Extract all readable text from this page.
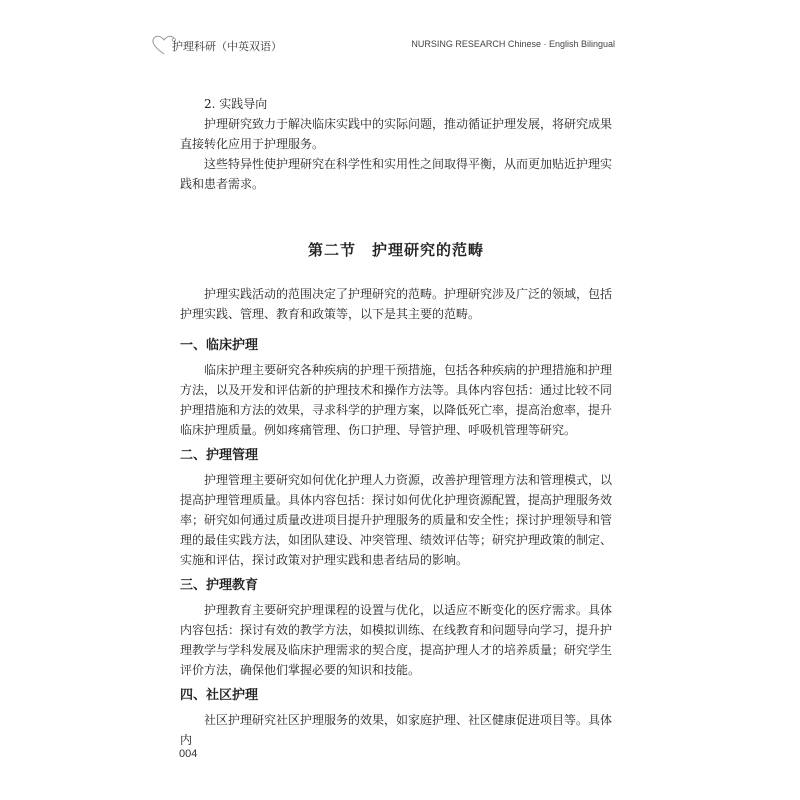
护理科研（中英双语）	NURSING RESEARCH Chinese · English Bilingual
2. 实践导向

护理研究致力于解决临床实践中的实际问题，推动循证护理发展，将研究成果直接转化应用于护理服务。

这些特异性使护理研究在科学性和实用性之间取得平衡，从而更加贴近护理实践和患者需求。

第二节 护理研究的范畴

护理实践活动的范围决定了护理研究的范畴。护理研究涉及广泛的领域，包括护理实践、管理、教育和政策等，以下是其主要的范畴。

一、临床护理

临床护理主要研究各种疾病的护理干预措施，包括各种疾病的护理措施和护理方法，以及开发和评估新的护理技术和操作方法等。具体内容包括：通过比较不同护理措施和方法的效果，寻求科学的护理方案，以降低死亡率，提高治愈率，提升临床护理质量。例如疼痛管理、伤口护理、导管护理、呼吸机管理等研究。

二、护理管理

护理管理主要研究如何优化护理人力资源，改善护理管理方法和管理模式，以提高护理管理质量。具体内容包括：探讨如何优化护理资源配置，提高护理服务效率；研究如何通过质量改进项目提升护理服务的质量和安全性；探讨护理领导和管理的最佳实践方法，如团队建设、冲突管理、绩效评估等；研究护理政策的制定、实施和评估，探讨政策对护理实践和患者结局的影响。

三、护理教育

护理教育主要研究护理课程的设置与优化，以适应不断变化的医疗需求。具体内容包括：探讨有效的教学方法，如模拟训练、在线教育和问题导向学习，提升护理教学与学科发展及临床护理需求的契合度，提高护理人才的培养质量；研究学生评价方法，确保他们掌握必要的知识和技能。

四、社区护理

社区护理研究社区护理服务的效果，如家庭护理、社区健康促进项目等。具体内

004
